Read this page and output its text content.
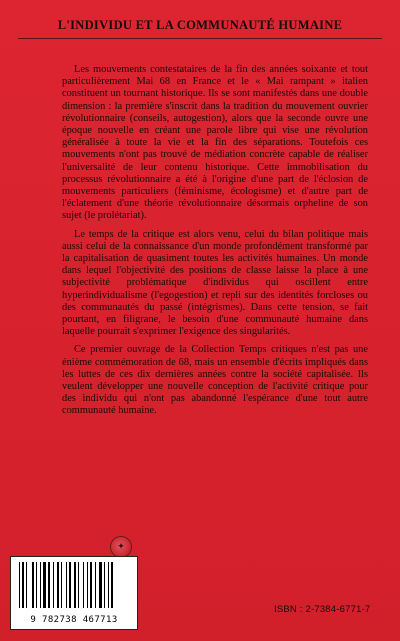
L'INDIVIDU ET LA COMMUNAUTÉ HUMAINE

Les mouvements contestataires de la fin des années soixante et tout particulièrement Mai 68 en France et le « Mai rampant » italien constituent un tournant historique. Ils se sont manifestés dans une double dimension : la première s'inscrit dans la tradition du mouvement ouvrier révolutionnaire (conseils, autogestion), alors que la seconde ouvre une époque nouvelle en créant une parole libre qui vise une révolution généralisée à toute la vie et la fin des séparations. Toutefois ces mouvements n'ont pas trouvé de médiation concrète capable de réaliser l'universalité de leur contenu historique. Cette immobilisation du processus révolutionnaire a été à l'origine d'une part de l'éclosion de mouvements particuliers (féminisme, écologisme) et d'autre part de l'éclatement d'une théorie révolutionnaire désormais orpheline de son sujet (le prolétariat).

Le temps de la critique est alors venu, celui du bilan politique mais aussi celui de la connaissance d'un monde profondément transformé par la capitalisation de quasiment toutes les activités humaines. Un monde dans lequel l'objectivité des positions de classe laisse la place à une subjectivité problématique d'individus qui oscillent entre hyperindividualisme (l'egogestion) et repli sur des identités forcloses ou des communautés du passé (intégrismes). Dans cette tension, se fait pourtant, en filigrane, le besoin d'une communauté humaine dans laquelle pourrait s'exprimer l'exigence des singularités.

Ce premier ouvrage de la Collection Temps critiques n'est pas une énième commémoration de 68, mais un ensemble d'écrits impliqués dans les luttes de ces dix dernières années contre la société capitalisée. Ils veulent développer une nouvelle conception de l'activité critique pour des individu qui n'ont pas abandonné l'espérance d'une tout autre communauté humaine.

✦
9 782738 467713
ISBN : 2-7384-6771-7
